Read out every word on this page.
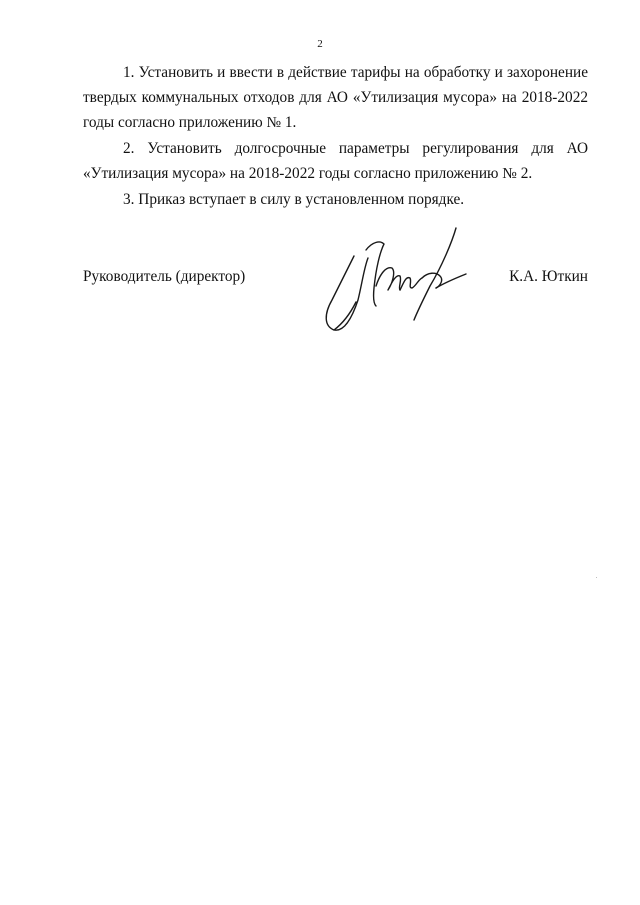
2

1. Установить и ввести в действие тарифы на обработку и захоронение твердых коммунальных отходов для АО «Утилизация мусора» на 2018-2022 годы согласно приложению № 1.

2. Установить долгосрочные параметры регулирования для АО «Утилизация мусора» на 2018-2022 годы согласно приложению № 2.

3. Приказ вступает в силу в установленном порядке.

Руководитель (директор)	К.А. Юткин
